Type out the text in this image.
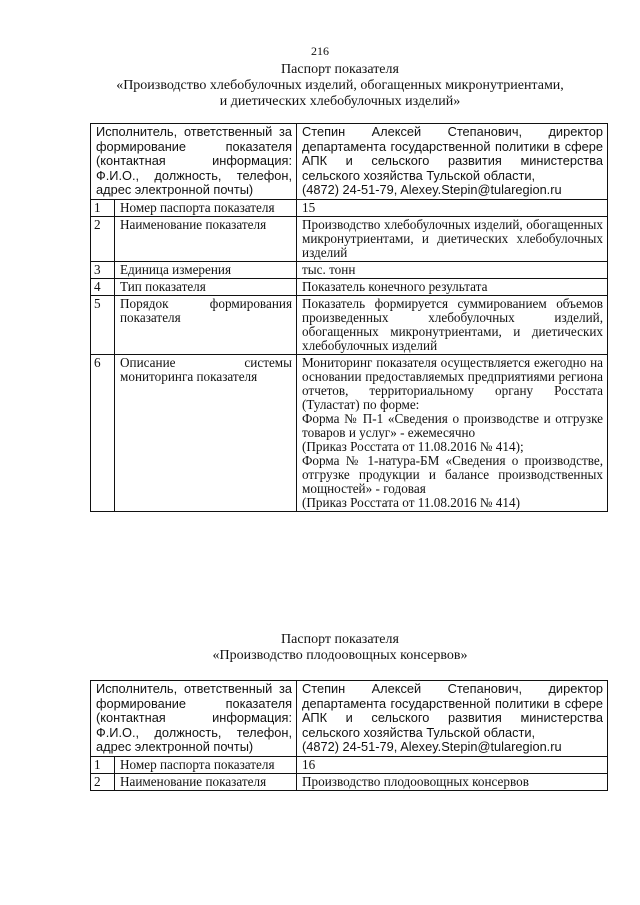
216
Паспорт показателя
«Производство хлебобулочных изделий, обогащенных микронутриентами,
и диетических хлебобулочных изделий»
Исполнитель, ответственный за формирование показателя (контактная информация: Ф.И.О., должность, телефон, адрес электронной почты)		Степин Алексей Степанович, директор департамента государственной политики в сфере АПК и сельского развития министерства сельского хозяйства Тульской области,
(4872) 24-51-79, Alexey.Stepin@tularegion.ru

1	Номер паспорта показателя	15
2	Наименование показателя	Производство хлебобулочных изделий, обогащенных микронутриентами, и диетических хлебобулочных изделий
3	Единица измерения	тыс. тонн
4	Тип показателя	Показатель конечного результата
5	Порядок формирования показателя	Показатель формируется суммированием объемов произведенных хлебобулочных изделий, обогащенных микронутриентами, и диетических хлебобулочных изделий
6	Описание системы мониторинга показателя	Мониторинг показателя осуществляется ежегодно на основании предоставляемых предприятиями региона отчетов, территориальному органу Росстата (Туластат) по форме:
Форма № П-1 «Сведения о производстве и отгрузке товаров и услуг» - ежемесячно
(Приказ Росстата от 11.08.2016 № 414);
Форма № 1-натура-БМ «Сведения о производстве, отгрузке продукции и балансе производственных мощностей» - годовая
(Приказ Росстата от 11.08.2016 № 414)
Паспорт показателя
«Производство плодоовощных консервов»
Исполнитель, ответственный за формирование показателя (контактная информация: Ф.И.О., должность, телефон, адрес электронной почты)		Степин Алексей Степанович, директор департамента государственной политики в сфере АПК и сельского развития министерства сельского хозяйства Тульской области,
(4872) 24-51-79, Alexey.Stepin@tularegion.ru

1	Номер паспорта показателя	16
2	Наименование показателя	Производство плодоовощных консервов
